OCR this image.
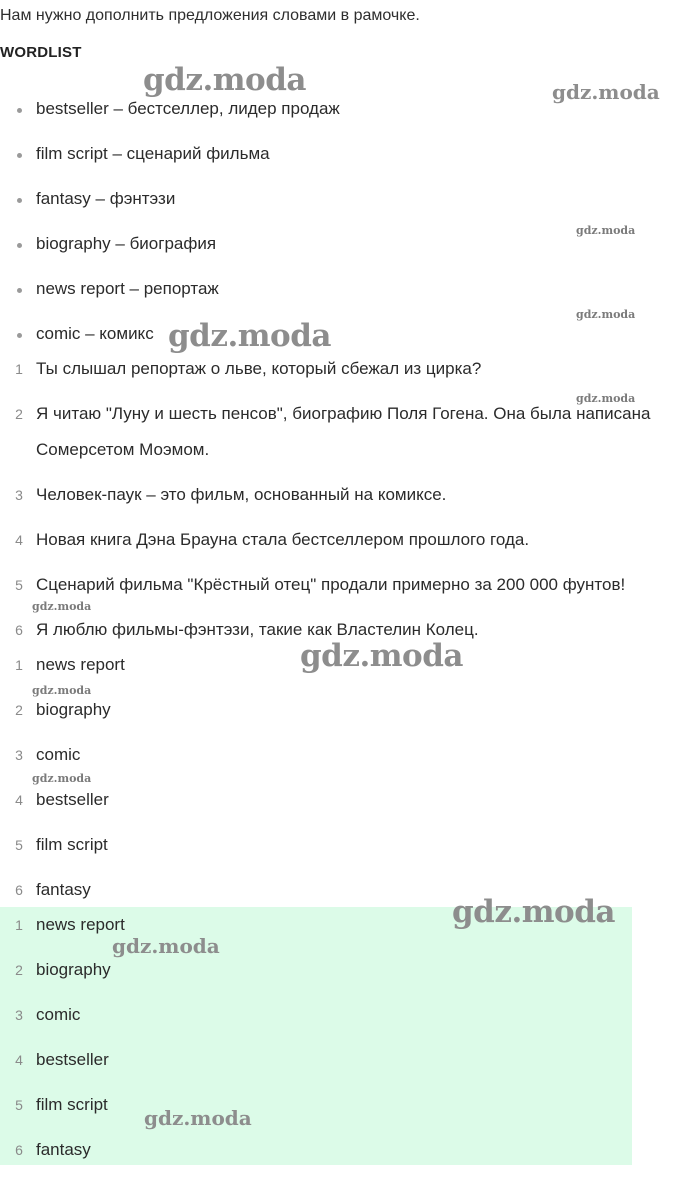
Нам нужно дополнить предложения словами в рамочке.
WORDLIST
bestseller – бестселлер, лидер продаж
film script – сценарий фильма
fantasy – фэнтэзи
biography – биография
news report – репортаж
comic – комикс
1 Ты слышал репортаж о льве, который сбежал из цирка?
2 Я читаю "Луну и шесть пенсов", биографию Поля Гогена. Она была написана Сомерсетом Моэмом.
3 Человек-паук – это фильм, основанный на комиксе.
4 Новая книга Дэна Брауна стала бестселлером прошлого года.
5 Сценарий фильма "Крёстный отец" продали примерно за 200 000 фунтов!
6 Я люблю фильмы-фэнтэзи, такие как Властелин Колец.
1 news report
2 biography
3 comic
4 bestseller
5 film script
6 fantasy
1 news report
2 biography
3 comic
4 bestseller
5 film script
6 fantasy
gdz.moda	gdz.moda
gdz.moda
gdz.moda
gdz.moda
gdz.moda
gdz.moda
gdz.moda
gdz.moda
gdz.moda
gdz.moda
gdz.moda
gdz.moda
